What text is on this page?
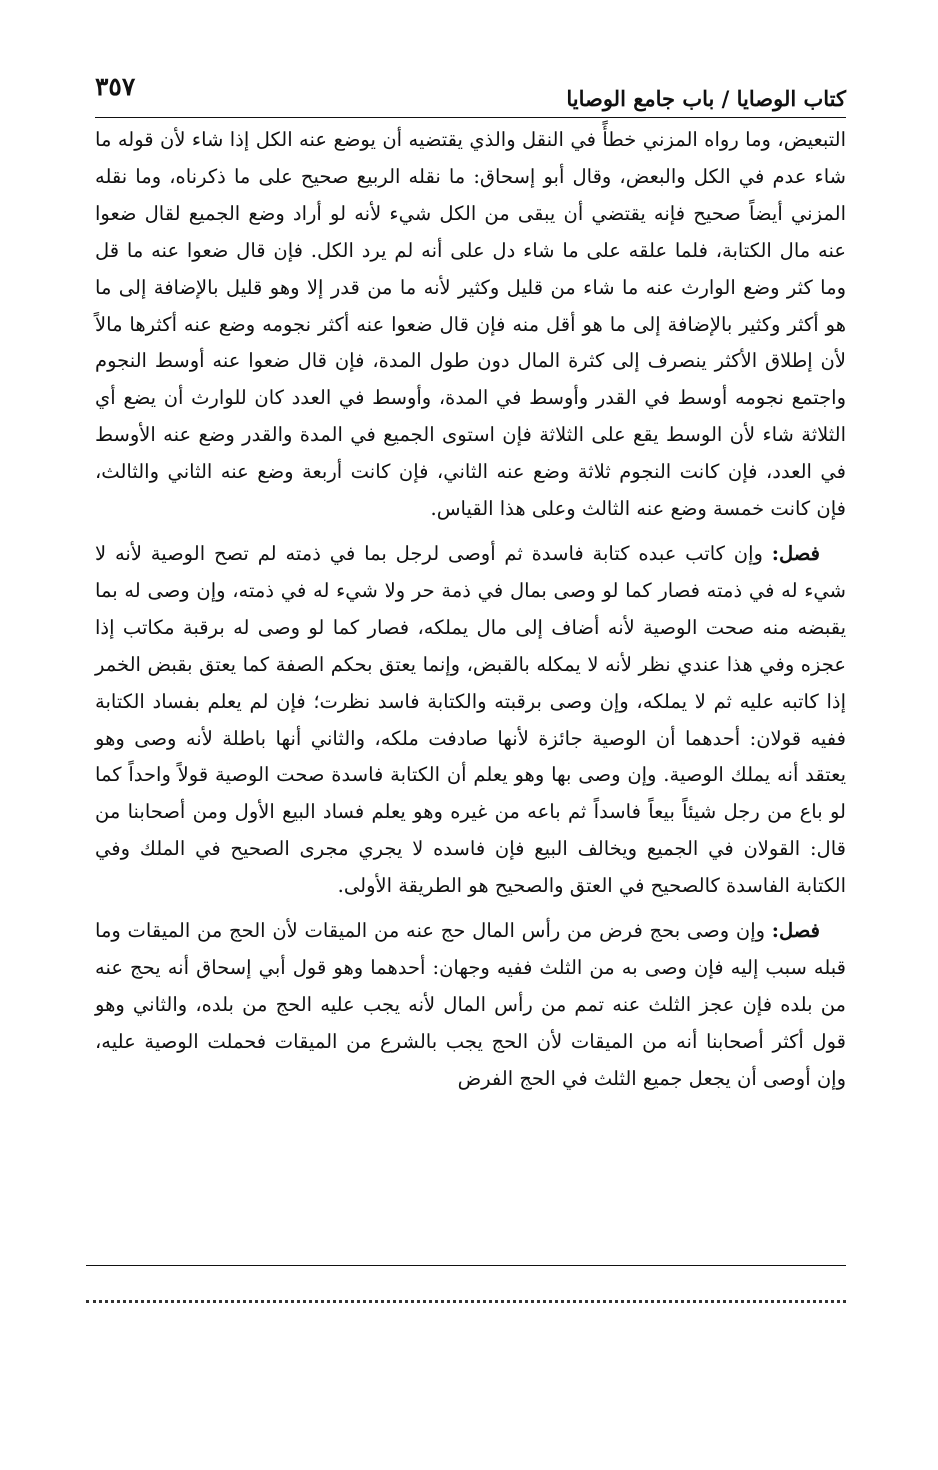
كتاب الوصايا / باب جامع الوصايا
٣٥٧

التبعيض، وما رواه المزني خطأً في النقل والذي يقتضيه أن يوضع عنه الكل إذا شاء لأن قوله ما شاء عدم في الكل والبعض، وقال أبو إسحاق: ما نقله الربيع صحيح على ما ذكرناه، وما نقله المزني أيضاً صحيح فإنه يقتضي أن يبقى من الكل شيء لأنه لو أراد وضع الجميع لقال ضعوا عنه مال الكتابة، فلما علقه على ما شاء دل على أنه لم يرد الكل. فإن قال ضعوا عنه ما قل وما كثر وضع الوارث عنه ما شاء من قليل وكثير لأنه ما من قدر إلا وهو قليل بالإضافة إلى ما هو أكثر وكثير بالإضافة إلى ما هو أقل منه فإن قال ضعوا عنه أكثر نجومه وضع عنه أكثرها مالاً لأن إطلاق الأكثر ينصرف إلى كثرة المال دون طول المدة، فإن قال ضعوا عنه أوسط النجوم واجتمع نجومه أوسط في القدر وأوسط في المدة، وأوسط في العدد كان للوارث أن يضع أي الثلاثة شاء لأن الوسط يقع على الثلاثة فإن استوى الجميع في المدة والقدر وضع عنه الأوسط في العدد، فإن كانت النجوم ثلاثة وضع عنه الثاني، فإن كانت أربعة وضع عنه الثاني والثالث، فإن كانت خمسة وضع عنه الثالث وعلى هذا القياس.

فصل: وإن كاتب عبده كتابة فاسدة ثم أوصى لرجل بما في ذمته لم تصح الوصية لأنه لا شيء له في ذمته فصار كما لو وصى بمال في ذمة حر ولا شيء له في ذمته، وإن وصى له بما يقبضه منه صحت الوصية لأنه أضاف إلى مال يملكه، فصار كما لو وصى له برقبة مكاتب إذا عجزه وفي هذا عندي نظر لأنه لا يمكله بالقبض، وإنما يعتق بحكم الصفة كما يعتق بقبض الخمر إذا كاتبه عليه ثم لا يملكه، وإن وصى برقبته والكتابة فاسد نظرت؛ فإن لم يعلم بفساد الكتابة ففيه قولان: أحدهما أن الوصية جائزة لأنها صادفت ملكه، والثاني أنها باطلة لأنه وصى وهو يعتقد أنه يملك الوصية. وإن وصى بها وهو يعلم أن الكتابة فاسدة صحت الوصية قولاً واحداً كما لو باع من رجل شيئاً بيعاً فاسداً ثم باعه من غيره وهو يعلم فساد البيع الأول ومن أصحابنا من قال: القولان في الجميع ويخالف البيع فإن فاسده لا يجري مجرى الصحيح في الملك وفي الكتابة الفاسدة كالصحيح في العتق والصحيح هو الطريقة الأولى.

فصل: وإن وصى بحج فرض من رأس المال حج عنه من الميقات لأن الحج من الميقات وما قبله سبب إليه فإن وصى به من الثلث ففيه وجهان: أحدهما وهو قول أبي إسحاق أنه يحج عنه من بلده فإن عجز الثلث عنه تمم من رأس المال لأنه يجب عليه الحج من بلده، والثاني وهو قول أكثر أصحابنا أنه من الميقات لأن الحج يجب بالشرع من الميقات فحملت الوصية عليه، وإن أوصى أن يجعل جميع الثلث في الحج الفرض
